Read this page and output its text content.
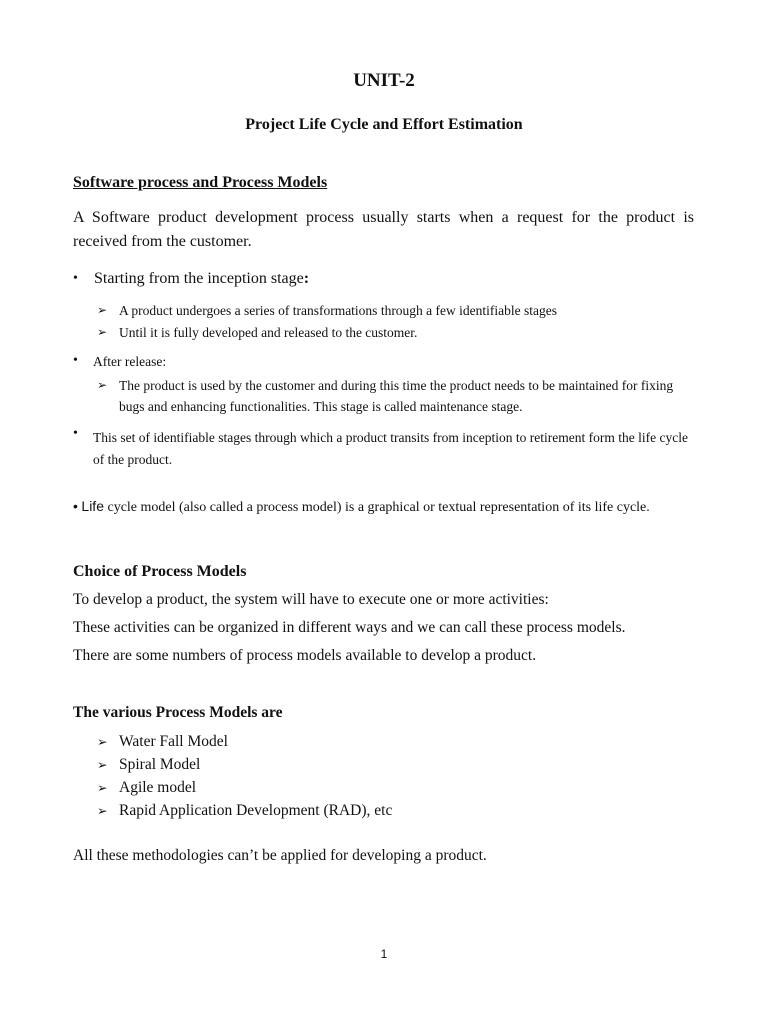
UNIT-2
Project Life Cycle and Effort Estimation
Software process and Process Models
A Software product development process usually starts when a request for the product is received from the customer.
• Starting from the inception stage:
➢ A product undergoes a series of transformations through a few identifiable stages
➢ Until it is fully developed and released to the customer.
• After release:
➢ The product is used by the customer and during this time the product needs to be maintained for fixing bugs and enhancing functionalities. This stage is called maintenance stage.
• This set of identifiable stages through which a product transits from inception to retirement form the life cycle of the product.
• Life cycle model (also called a process model) is a graphical or textual representation of its life cycle.
Choice of Process Models
To develop a product, the system will have to execute one or more activities:
These activities can be organized in different ways and we can call these process models.
There are some numbers of process models available to develop a product.
The various Process Models are
➢ Water Fall Model
➢ Spiral Model
➢ Agile model
➢ Rapid Application Development (RAD), etc
All these methodologies can’t be applied for developing a product.
1
